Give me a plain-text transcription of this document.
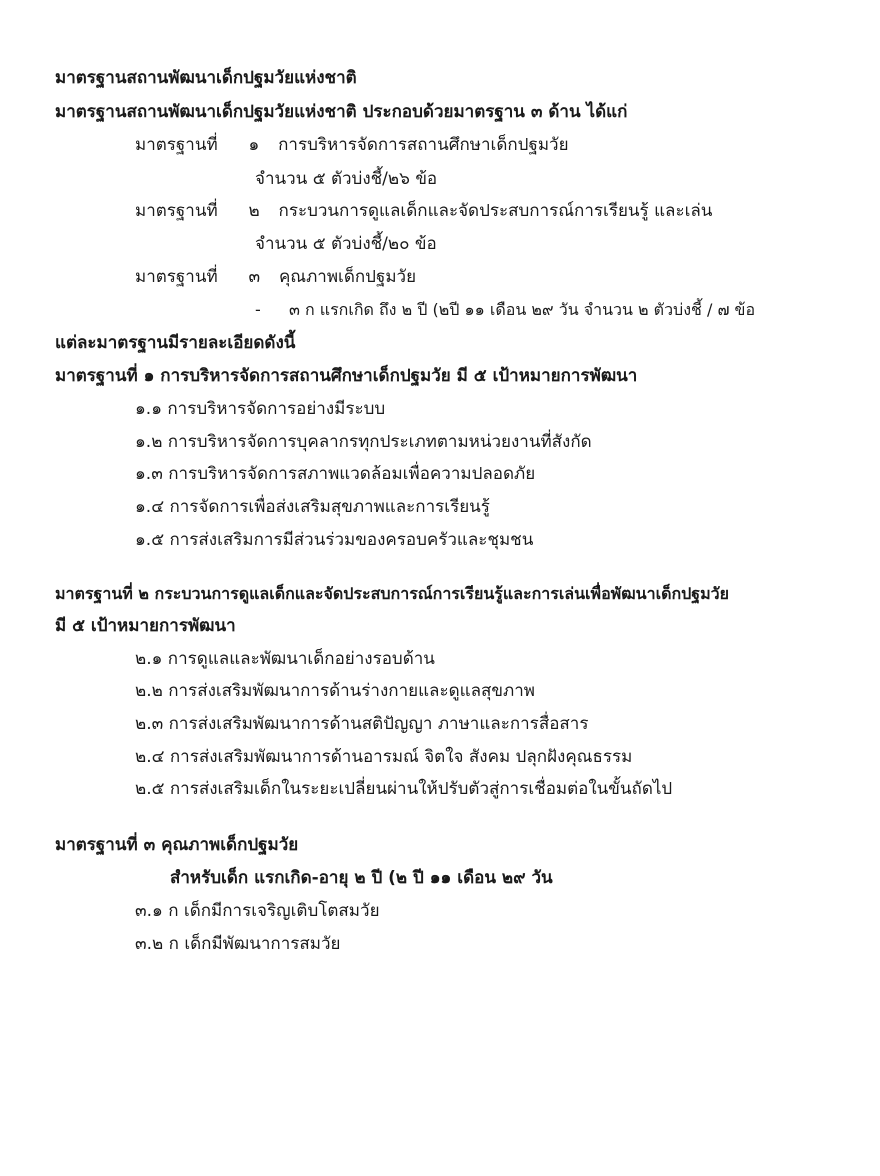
มาตรฐานสถานพัฒนาเด็กปฐมวัยแห่งชาติ
มาตรฐานสถานพัฒนาเด็กปฐมวัยแห่งชาติ ประกอบด้วยมาตรฐาน ๓ ด้าน ได้แก่
มาตรฐานที่ ๑ การบริหารจัดการสถานศึกษาเด็กปฐมวัย
จำนวน ๕ ตัวบ่งชี้/๒๖ ข้อ
มาตรฐานที่ ๒ กระบวนการดูแลเด็กและจัดประสบการณ์การเรียนรู้ และเล่น
จำนวน ๕ ตัวบ่งชี้/๒๐ ข้อ
มาตรฐานที่ ๓ คุณภาพเด็กปฐมวัย
- ๓ ก แรกเกิด ถึง ๒ ปี (๒ปี ๑๑ เดือน ๒๙ วัน จำนวน ๒ ตัวบ่งชี้ / ๗ ข้อ
แต่ละมาตรฐานมีรายละเอียดดังนี้
มาตรฐานที่ ๑ การบริหารจัดการสถานศึกษาเด็กปฐมวัย มี ๕ เป้าหมายการพัฒนา
๑.๑ การบริหารจัดการอย่างมีระบบ
๑.๒ การบริหารจัดการบุคลากรทุกประเภทตามหน่วยงานที่สังกัด
๑.๓ การบริหารจัดการสภาพแวดล้อมเพื่อความปลอดภัย
๑.๔ การจัดการเพื่อส่งเสริมสุขภาพและการเรียนรู้
๑.๕ การส่งเสริมการมีส่วนร่วมของครอบครัวและชุมชน
มาตรฐานที่ ๒ กระบวนการดูแลเด็กและจัดประสบการณ์การเรียนรู้และการเล่นเพื่อพัฒนาเด็กปฐมวัย
มี ๕ เป้าหมายการพัฒนา
๒.๑ การดูแลและพัฒนาเด็กอย่างรอบด้าน
๒.๒ การส่งเสริมพัฒนาการด้านร่างกายและดูแลสุขภาพ
๒.๓ การส่งเสริมพัฒนาการด้านสติปัญญา ภาษาและการสื่อสาร
๒.๔ การส่งเสริมพัฒนาการด้านอารมณ์ จิตใจ สังคม ปลุกฝังคุณธรรม
๒.๕ การส่งเสริมเด็กในระยะเปลี่ยนผ่านให้ปรับตัวสู่การเชื่อมต่อในขั้นถัดไป
มาตรฐานที่ ๓ คุณภาพเด็กปฐมวัย
สำหรับเด็ก แรกเกิด-อายุ ๒ ปี (๒ ปี ๑๑ เดือน ๒๙ วัน
๓.๑ ก เด็กมีการเจริญเติบโตสมวัย
๓.๒ ก เด็กมีพัฒนาการสมวัย
